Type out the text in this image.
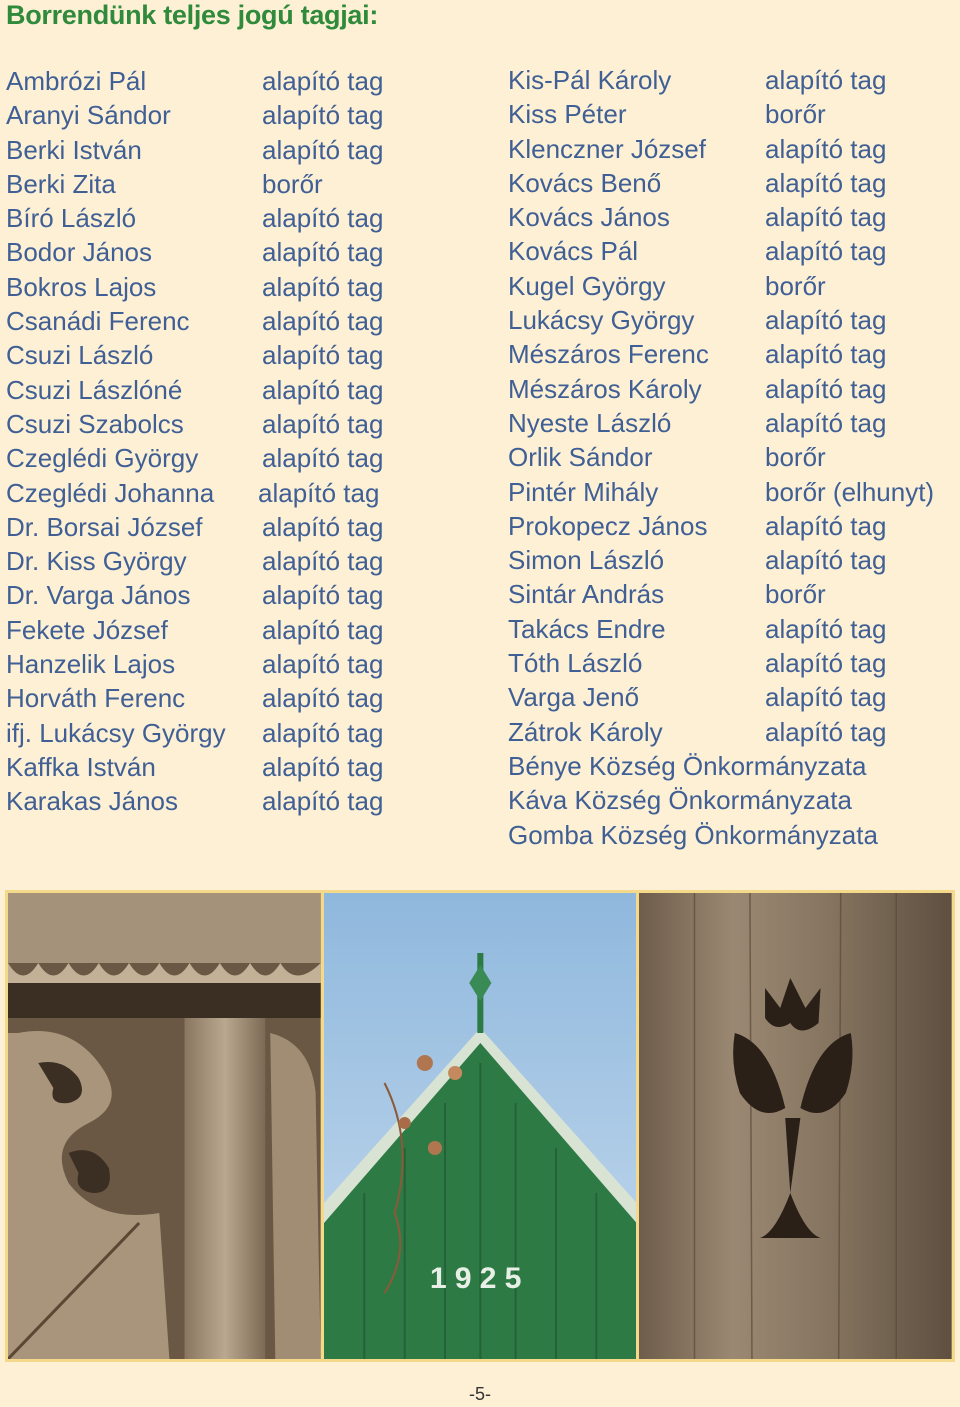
Borrendünk teljes jogú tagjai:
Ambrózi Pál	alapító tag
Aranyi Sándor	alapító tag
Berki István	alapító tag
Berki Zita	borőr
Bíró László	alapító tag
Bodor János	alapító tag
Bokros Lajos	alapító tag
Csanádi Ferenc	alapító tag
Csuzi László	alapító tag
Csuzi Lászlóné	alapító tag
Csuzi Szabolcs	alapító tag
Czeglédi György alapító tag
Czeglédi Johanna alapító tag
Dr. Borsai József alapító tag
Dr. Kiss György	alapító tag
Dr. Varga János	alapító tag
Fekete József	alapító tag
Hanzelik Lajos	alapító tag
Horváth Ferenc	alapító tag
ifj. Lukácsy György alapító tag
Kaffka István	alapító tag
Karakas János	alapító tag
Kis-Pál Károly	alapító tag
Kiss Péter	borőr
Klenczner József alapító tag
Kovács Benő	alapító tag
Kovács János	alapító tag
Kovács Pál	alapító tag
Kugel György	borőr
Lukácsy György	alapító tag
Mészáros Ferenc alapító tag
Mészáros Károly alapító tag
Nyeste László	alapító tag
Orlik Sándor	borőr
Pintér Mihály	borőr (elhunyt)
Prokopecz János alapító tag
Simon László	alapító tag
Sintár András	borőr
Takács Endre	alapító tag
Tóth László	alapító tag
Varga Jenő	alapító tag
Zátrok Károly	alapító tag
Bénye Község Önkormányzata
Káva Község Önkormányzata
Gomba Község Önkormányzata
1925
-5-
